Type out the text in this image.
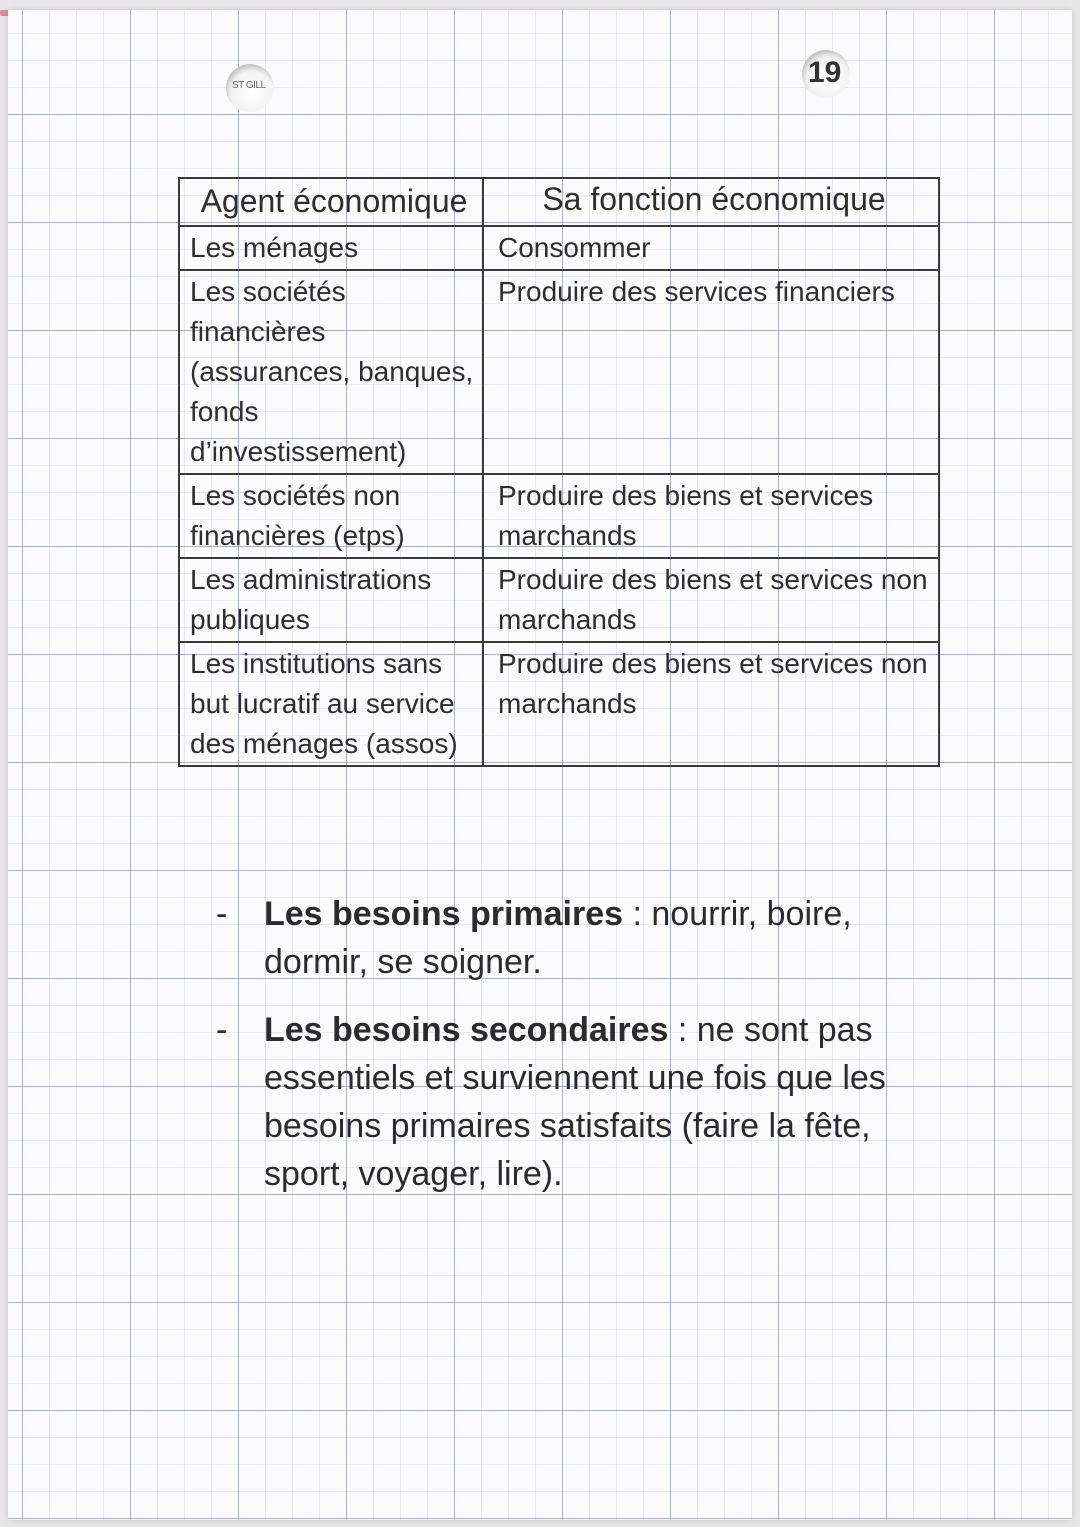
ST GILL	19
Agent économique	Sa fonction économique
Les ménages	Consommer
Les sociétés financières (assurances, banques, fonds d’investissement)	Produire des services financiers
Les sociétés non financières (etps)	Produire des biens et services marchands
Les administrations publiques	Produire des biens et services non marchands
Les institutions sans but lucratif au service des ménages (assos)	Produire des biens et services non marchands
- Les besoins primaires : nourrir, boire, dormir, se soigner.
- Les besoins secondaires : ne sont pas essentiels et surviennent une fois que les besoins primaires satisfaits (faire la fête, sport, voyager, lire).
